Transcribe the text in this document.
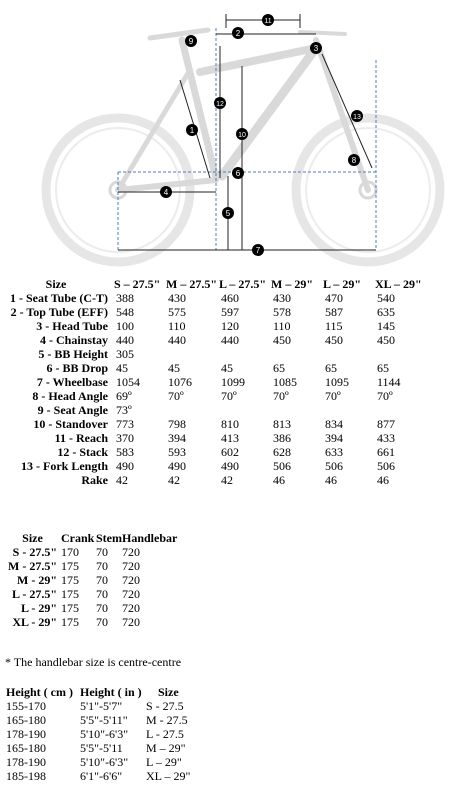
1
2
3
4
5
6
7
8
9
10
11
12
13
Size	S – 27.5"	M – 27.5"	L – 27.5"	M – 29"	L – 29"	XL – 29"
1 - Seat Tube (C-T)	388	430	460	430	470	540
2 - Top Tube (EFF)	548	575	597	578	587	635
3 - Head Tube	100	110	120	110	115	145
4 - Chainstay	440	440	440	450	450	450
5 - BB Height	305					
6 - BB Drop	45	45	45	65	65	65
7 - Wheelbase	1054	1076	1099	1085	1095	1144
8 - Head Angle	69º	70º	70º	70º	70º	70º
9 - Seat Angle	73º					
10 - Standover	773	798	810	813	834	877
11 - Reach	370	394	413	386	394	433
12 - Stack	583	593	602	628	633	661
13 - Fork Length	490	490	490	506	506	506
Rake	42	42	42	46	46	46
Size	Crank	Stem	Handlebar
S - 27.5"	170	70	720
M - 27.5"	175	70	720
M - 29"	175	70	720
L - 27.5"	175	70	720
L - 29"	175	70	720
XL - 29"	175	70	720
* The handlebar size is centre-centre
Height ( cm )	Height ( in )	Size
155-170	5'1"-5'7"	S - 27.5
165-180	5'5"-5'11"	M - 27.5
178-190	5'10"-6'3"	L - 27.5
165-180	5'5"-5'11	M – 29"
178-190	5'10"-6'3"	L – 29"
185-198	6'1"-6'6"	XL – 29"
